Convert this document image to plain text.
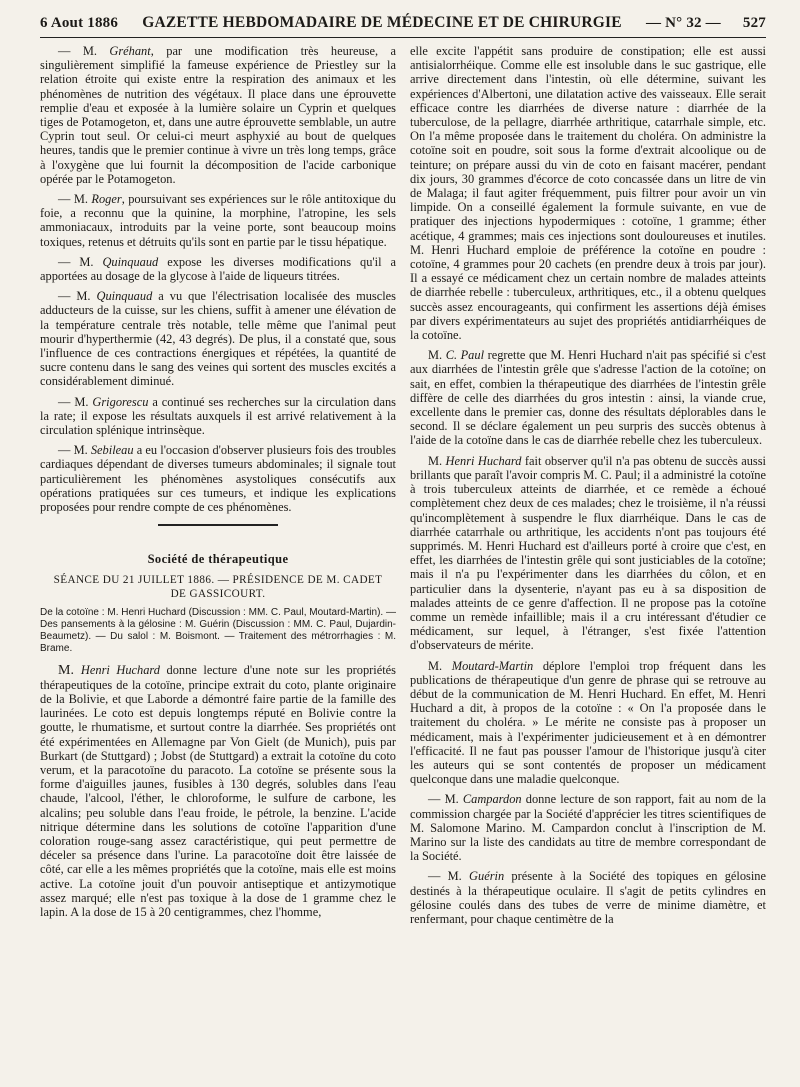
6 Aout 1886 GAZETTE HEBDOMADAIRE DE MÉDECINE ET DE CHIRURGIE — N° 32 — 527

— M. Gréhant, par une modification très heureuse, a singulièrement simplifié la fameuse expérience de Priestley sur la relation étroite qui existe entre la respiration des animaux et les phénomènes de nutrition des végétaux. Il place dans une éprouvette remplie d'eau et exposée à la lumière solaire un Cyprin et quelques tiges de Potamogeton, et, dans une autre éprouvette semblable, un autre Cyprin tout seul. Or celui-ci meurt asphyxié au bout de quelques heures, tandis que le premier continue à vivre un très long temps, grâce à l'oxygène que lui fournit la décomposition de l'acide carbonique opérée par le Potamogeton.

— M. Roger, poursuivant ses expériences sur le rôle antitoxique du foie, a reconnu que la quinine, la morphine, l'atropine, les sels ammoniacaux, introduits par la veine porte, sont beaucoup moins toxiques, retenus et détruits qu'ils sont en partie par le tissu hépatique.

— M. Quinquaud expose les diverses modifications qu'il a apportées au dosage de la glycose à l'aide de liqueurs titrées.

— M. Quinquaud a vu que l'électrisation localisée des muscles adducteurs de la cuisse, sur les chiens, suffit à amener une élévation de la température centrale très notable, telle même que l'animal peut mourir d'hyperthermie (42, 43 degrés). De plus, il a constaté que, sous l'influence de ces contractions énergiques et répétées, la quantité de sucre contenu dans le sang des veines qui sortent des muscles excités a considérablement diminué.

— M. Grigorescu a continué ses recherches sur la circulation dans la rate; il expose les résultats auxquels il est arrivé relativement à la circulation splénique intrinsèque.

— M. Sebileau a eu l'occasion d'observer plusieurs fois des troubles cardiaques dépendant de diverses tumeurs abdominales; il signale tout particulièrement les phénomènes asystoliques consécutifs aux opérations pratiquées sur ces tumeurs, et indique les explications proposées pour rendre compte de ces phénomènes.

Société de thérapeutique
SÉANCE DU 21 JUILLET 1886. — PRÉSIDENCE DE M. CADET
DE GASSICOURT.
De la cotoïne : M. Henri Huchard (Discussion : MM. C. Paul, Moutard-Martin). — Des pansements à la gélosine : M. Guérin (Discussion : MM. C. Paul, Dujardin-Beaumetz). — Du salol : M. Boismont. — Traitement des métrorrhagies : M. Brame.

M. Henri Huchard donne lecture d'une note sur les propriétés thérapeutiques de la cotoïne, principe extrait du coto, plante originaire de la Bolivie, et que Laborde a démontré faire partie de la famille des laurinées. Le coto est depuis longtemps réputé en Bolivie contre la goutte, le rhumatisme, et surtout contre la diarrhée. Ses propriétés ont été expérimentées en Allemagne par Von Gielt (de Munich), puis par Burkart (de Stuttgard) ; Jobst (de Stuttgard) a extrait la cotoïne du coto verum, et la paracotoïne du paracoto. La cotoïne se présente sous la forme d'aiguilles jaunes, fusibles à 130 degrés, solubles dans l'eau chaude, l'alcool, l'éther, le chloroforme, le sulfure de carbone, les alcalins; peu soluble dans l'eau froide, le pétrole, la benzine. L'acide nitrique détermine dans les solutions de cotoïne l'apparition d'une coloration rouge-sang assez caractéristique, qui peut permettre de déceler sa présence dans l'urine. La paracotoïne doit être laissée de côté, car elle a les mêmes propriétés que la cotoïne, mais elle est moins active. La cotoïne jouit d'un pouvoir antiseptique et antizymotique assez marqué; elle n'est pas toxique à la dose de 1 gramme chez le lapin. A la dose de 15 à 20 centigrammes, chez l'homme,

elle excite l'appétit sans produire de constipation; elle est aussi antisialorrhéique. Comme elle est insoluble dans le suc gastrique, elle arrive directement dans l'intestin, où elle détermine, suivant les expériences d'Albertoni, une dilatation active des vaisseaux. Elle serait efficace contre les diarrhées de diverse nature : diarrhée de la tuberculose, de la pellagre, diarrhée arthritique, catarrhale simple, etc. On l'a même proposée dans le traitement du choléra. On administre la cotoïne soit en poudre, soit sous la forme d'extrait alcoolique ou de teinture; on prépare aussi du vin de coto en faisant macérer, pendant dix jours, 30 grammes d'écorce de coto concassée dans un litre de vin de Malaga; il faut agiter fréquemment, puis filtrer pour avoir un vin limpide. On a conseillé également la formule suivante, en vue de pratiquer des injections hypodermiques : cotoïne, 1 gramme; éther acétique, 4 grammes; mais ces injections sont douloureuses et inutiles. M. Henri Huchard emploie de préférence la cotoïne en poudre : cotoïne, 4 grammes pour 20 cachets (en prendre deux à trois par jour). Il a essayé ce médicament chez un certain nombre de malades atteints de diarrhée rebelle : tuberculeux, arthritiques, etc., il a obtenu quelques succès assez encourageants, qui confirment les assertions déjà émises par divers expérimentateurs au sujet des propriétés antidiarrhéiques de la cotoïne.

M. C. Paul regrette que M. Henri Huchard n'ait pas spécifié si c'est aux diarrhées de l'intestin grêle que s'adresse l'action de la cotoïne; on sait, en effet, combien la thérapeutique des diarrhées de l'intestin grêle diffère de celle des diarrhées du gros intestin : ainsi, la viande crue, excellente dans le premier cas, donne des résultats déplorables dans le second. Il se déclare également un peu surpris des succès obtenus à l'aide de la cotoïne dans le cas de diarrhée rebelle chez les tuberculeux.

M. Henri Huchard fait observer qu'il n'a pas obtenu de succès aussi brillants que paraît l'avoir compris M. C. Paul; il a administré la cotoïne à trois tuberculeux atteints de diarrhée, et ce remède a échoué complètement chez deux de ces malades; chez le troisième, il n'a réussi qu'incomplètement à suspendre le flux diarrhéique. Dans le cas de diarrhée catarrhale ou arthritique, les accidents n'ont pas toujours été supprimés. M. Henri Huchard est d'ailleurs porté à croire que c'est, en effet, les diarrhées de l'intestin grêle qui sont justiciables de la cotoïne; mais il n'a pu l'expérimenter dans les diarrhées du côlon, et en particulier dans la dysenterie, n'ayant pas eu à sa disposition de malades atteints de ce genre d'affection. Il ne propose pas la cotoïne comme un remède infaillible; mais il a cru intéressant d'étudier ce médicament, sur lequel, à l'étranger, s'est fixée l'attention d'observateurs de mérite.

M. Moutard-Martin déplore l'emploi trop fréquent dans les publications de thérapeutique d'un genre de phrase qui se retrouve au début de la communication de M. Henri Huchard. En effet, M. Henri Huchard a dit, à propos de la cotoïne : « On l'a proposée dans le traitement du choléra. » Le mérite ne consiste pas à proposer un médicament, mais à l'expérimenter judicieusement et à en démontrer l'efficacité. Il ne faut pas pousser l'amour de l'historique jusqu'à citer les auteurs qui se sont contentés de proposer un médicament quelconque dans une maladie quelconque.

— M. Campardon donne lecture de son rapport, fait au nom de la commission chargée par la Société d'apprécier les titres scientifiques de M. Salomone Marino. M. Campardon conclut à l'inscription de M. Marino sur la liste des candidats au titre de membre correspondant de la Société.

— M. Guérin présente à la Société des topiques en gélosine destinés à la thérapeutique oculaire. Il s'agit de petits cylindres en gélosine coulés dans des tubes de verre de minime diamètre, et renfermant, pour chaque centimètre de la
